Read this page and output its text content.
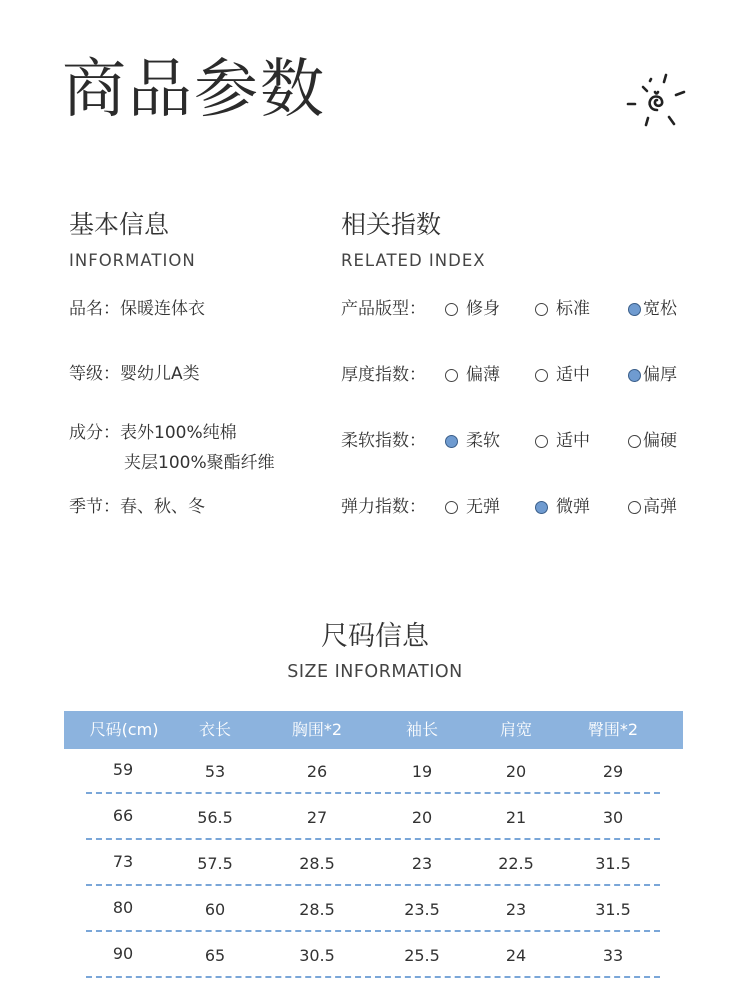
商品参数
基本信息
INFORMATION
品名：保暖连体衣
等级：婴幼儿A类
成分：表外100%纯棉
夹层100%聚酯纤维
季节：春、秋、冬
相关指数
RELATED INDEX
产品版型： 修身	标准	宽松
厚度指数： 偏薄	适中	偏厚
柔软指数： 柔软	适中	偏硬
弹力指数： 无弹	微弹	高弹
尺码信息
SIZE INFORMATION
尺码(cm)	衣长	胸围*2	袖长	肩宽	臀围*2
59	53	26	19	20	29
66	56.5	27	20	21	30
73	57.5	28.5	23	22.5	31.5
80	60	28.5	23.5	23	31.5
90	65	30.5	25.5	24	33
